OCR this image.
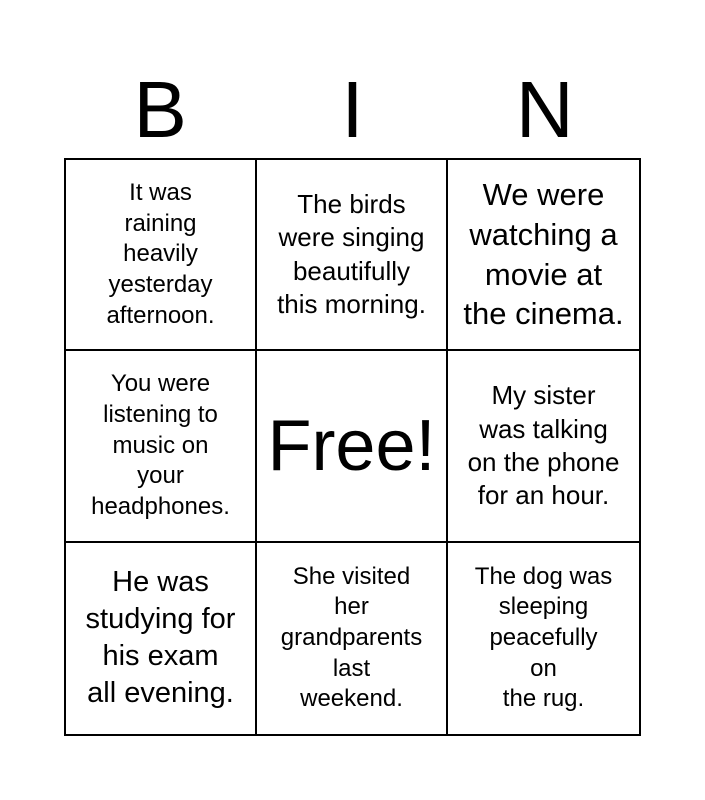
B	I	N
It was
raining
heavily
yesterday
afternoon.
The birds
were singing
beautifully
this morning.
We were
watching a
movie at
the cinema.
You were
listening to
music on
your
headphones.
Free!
My sister
was talking
on the phone
for an hour.
He was
studying for
his exam
all evening.
She visited
her
grandparents
last
weekend.
The dog was
sleeping
peacefully
on
the rug.
